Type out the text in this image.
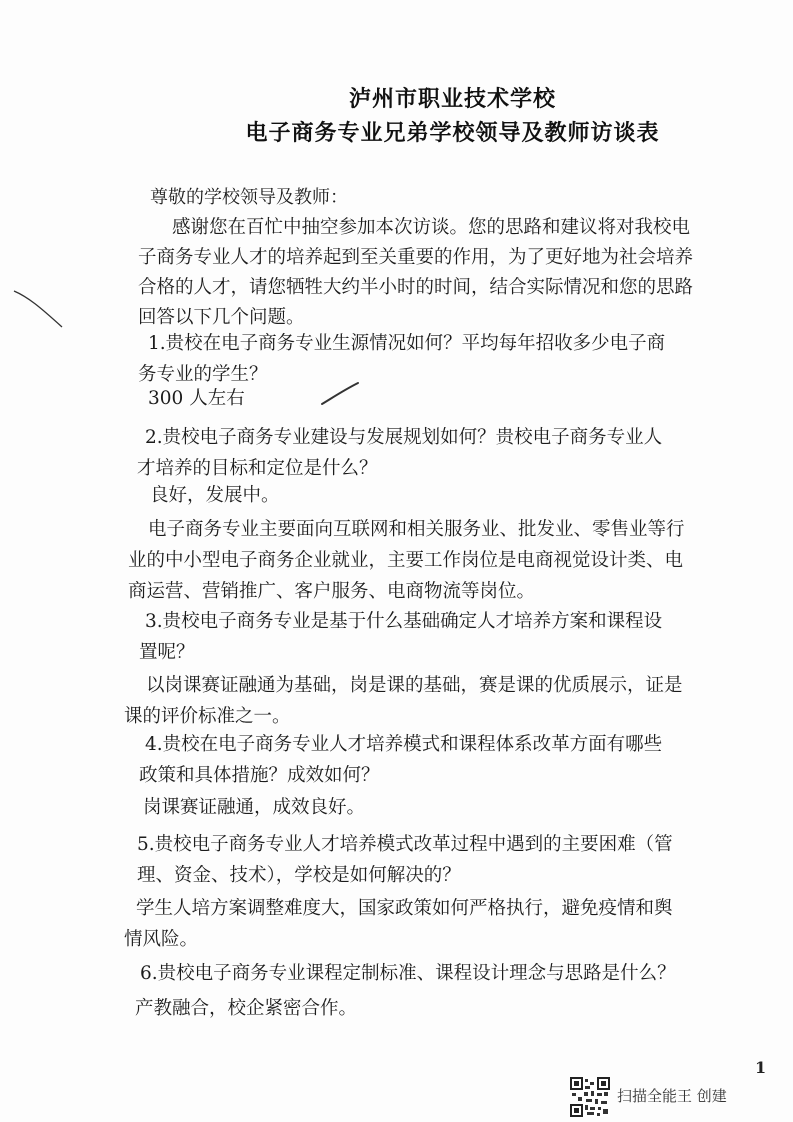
泸州市职业技术学校
电子商务专业兄弟学校领导及教师访谈表
尊敬的学校领导及教师：
感谢您在百忙中抽空参加本次访谈。您的思路和建议将对我校电
子商务专业人才的培养起到至关重要的作用，为了更好地为社会培养
合格的人才，请您牺牲大约半小时的时间，结合实际情况和您的思路
回答以下几个问题。
1.贵校在电子商务专业生源情况如何？平均每年招收多少电子商
务专业的学生？
300 人左右
2.贵校电子商务专业建设与发展规划如何？贵校电子商务专业人
才培养的目标和定位是什么？
良好，发展中。
电子商务专业主要面向互联网和相关服务业、批发业、零售业等行
业的中小型电子商务企业就业，主要工作岗位是电商视觉设计类、电
商运营、营销推广、客户服务、电商物流等岗位。
3.贵校电子商务专业是基于什么基础确定人才培养方案和课程设
置呢？
以岗课赛证融通为基础，岗是课的基础，赛是课的优质展示，证是
课的评价标准之一。
4.贵校在电子商务专业人才培养模式和课程体系改革方面有哪些
政策和具体措施？成效如何？
岗课赛证融通，成效良好。
5.贵校电子商务专业人才培养模式改革过程中遇到的主要困难（管
理、资金、技术），学校是如何解决的？
学生人培方案调整难度大，国家政策如何严格执行，避免疫情和舆
情风险。
6.贵校电子商务专业课程定制标准、课程设计理念与思路是什么？
产教融合，校企紧密合作。
1
扫描全能王 创建
